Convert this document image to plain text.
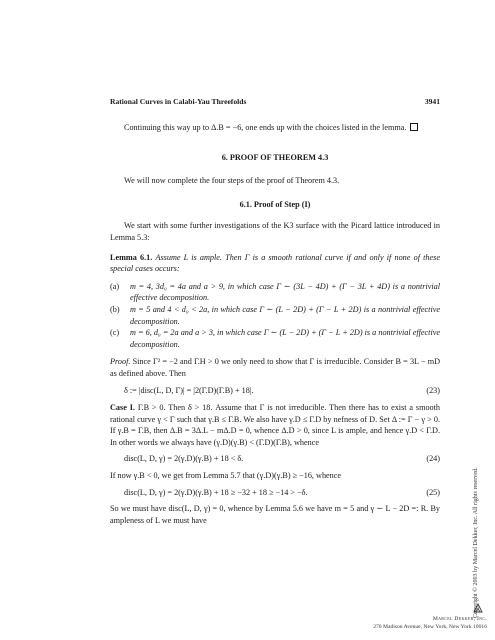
Rational Curves in Calabi-Yau Threefolds	3941

Continuing this way up to Δ.B = −6, one ends up with the choices listed in the lemma.

6. PROOF OF THEOREM 4.3

We will now complete the four steps of the proof of Theorem 4.3.

6.1. Proof of Step (I)

We start with some further investigations of the K3 surface with the Picard lattice introduced in Lemma 5.3:

Lemma 6.1. Assume L is ample. Then Γ is a smooth rational curve if and only if none of these special cases occurs:

(a)	m = 4, 3d₀ = 4a and a > 9, in which case Γ ∼ (3L − 4D) + (Γ − 3L + 4D) is a nontrivial effective decomposition.
(b)	m = 5 and 4 < d₀ < 2a, in which case Γ ∼ (L − 2D) + (Γ − L + 2D) is a nontrivial effective decomposition.
(c)	m = 6, d₀ = 2a and a > 3, in which case Γ ∼ (L − 2D) + (Γ − L + 2D) is a nontrivial effective decomposition.

Proof. Since Γ² = −2 and Γ.H > 0 we only need to show that Γ is irreducible. Consider B = 3L − mD as defined above. Then

δ := |disc(L, D, Γ)| = |2(Γ.D)(Γ.B) + 18|.	(23)

Case I. Γ.B > 0. Then δ > 18. Assume that Γ is not irreducible. Then there has to exist a smooth rational curve γ < Γ such that γ.B ≤ Γ.B. We also have γ.D ≤ Γ.D by nefness of D. Set Δ := Γ − γ > 0. If γ.B = Γ.B, then Δ.B = 3Δ.L − mΔ.D = 0, whence Δ.D > 0, since L is ample, and hence γ.D < Γ.D. In other words we always have (γ.D)(γ.B) < (Γ.D)(Γ.B), whence

disc(L, D, γ) = 2(γ.D)(γ.B) + 18 < δ.	(24)

If now γ.B < 0, we get from Lemma 5.7 that (γ.D)(γ.B) ≥ −16, whence

disc(L, D, γ) = 2(γ.D)(γ.B) + 18 ≥ −32 + 18 ≥ −14 > −δ.	(25)

So we must have disc(L, D, γ) = 0, whence by Lemma 5.6 we have m = 5 and γ ∼ L − 2D =: R. By ampleness of L we must have	Copyright © 2003 by Marcel Dekker, Inc. All rights reserved.
Marcel Dekker, Inc.
270 Madison Avenue, New York, New York 10016
